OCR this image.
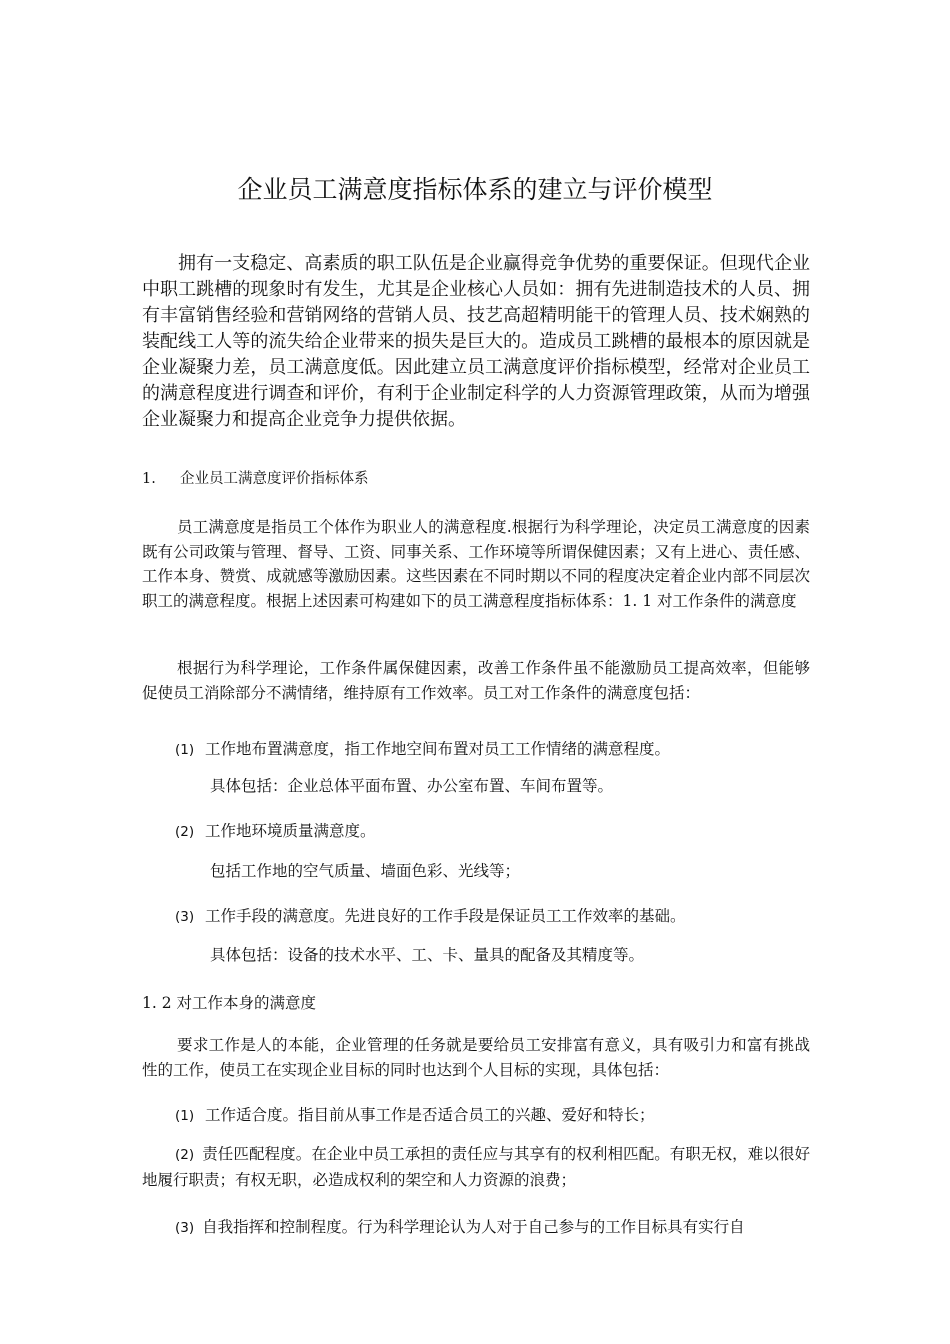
企业员工满意度指标体系的建立与评价模型

拥有一支稳定、高素质的职工队伍是企业赢得竞争优势的重要保证。但现代企业中职工跳槽的现象时有发生，尤其是企业核心人员如：拥有先进制造技术的人员、拥有丰富销售经验和营销网络的营销人员、技艺高超精明能干的管理人员、技术娴熟的装配线工人等的流失给企业带来的损失是巨大的。造成员工跳槽的最根本的原因就是企业凝聚力差，员工满意度低。因此建立员工满意度评价指标模型，经常对企业员工的满意程度进行调查和评价，有利于企业制定科学的人力资源管理政策，从而为增强企业凝聚力和提高企业竞争力提供依据。

1. 企业员工满意度评价指标体系

员工满意度是指员工个体作为职业人的满意程度.根据行为科学理论，决定员工满意度的因素既有公司政策与管理、督导、工资、同事关系、工作环境等所谓保健因素；又有上进心、责任感、工作本身、赞赏、成就感等激励因素。这些因素在不同时期以不同的程度决定着企业内部不同层次职工的满意程度。根据上述因素可构建如下的员工满意程度指标体系：1. 1 对工作条件的满意度

根据行为科学理论，工作条件属保健因素，改善工作条件虽不能激励员工提高效率，但能够促使员工消除部分不满情绪，维持原有工作效率。员工对工作条件的满意度包括：

(1) 工作地布置满意度，指工作地空间布置对员工工作情绪的满意程度。
具体包括：企业总体平面布置、办公室布置、车间布置等。
(2) 工作地环境质量满意度。
包括工作地的空气质量、墙面色彩、光线等；
(3) 工作手段的满意度。先进良好的工作手段是保证员工工作效率的基础。
具体包括：设备的技术水平、工、卡、量具的配备及其精度等。
1. 2 对工作本身的满意度

要求工作是人的本能，企业管理的任务就是要给员工安排富有意义，具有吸引力和富有挑战性的工作，使员工在实现企业目标的同时也达到个人目标的实现，具体包括：

(1) 工作适合度。指目前从事工作是否适合员工的兴趣、爱好和特长；

(2) 责任匹配程度。在企业中员工承担的责任应与其享有的权利相匹配。有职无权，难以很好地履行职责；有权无职，必造成权利的架空和人力资源的浪费；

(3) 自我指挥和控制程度。行为科学理论认为人对于自己参与的工作目标具有实行自
